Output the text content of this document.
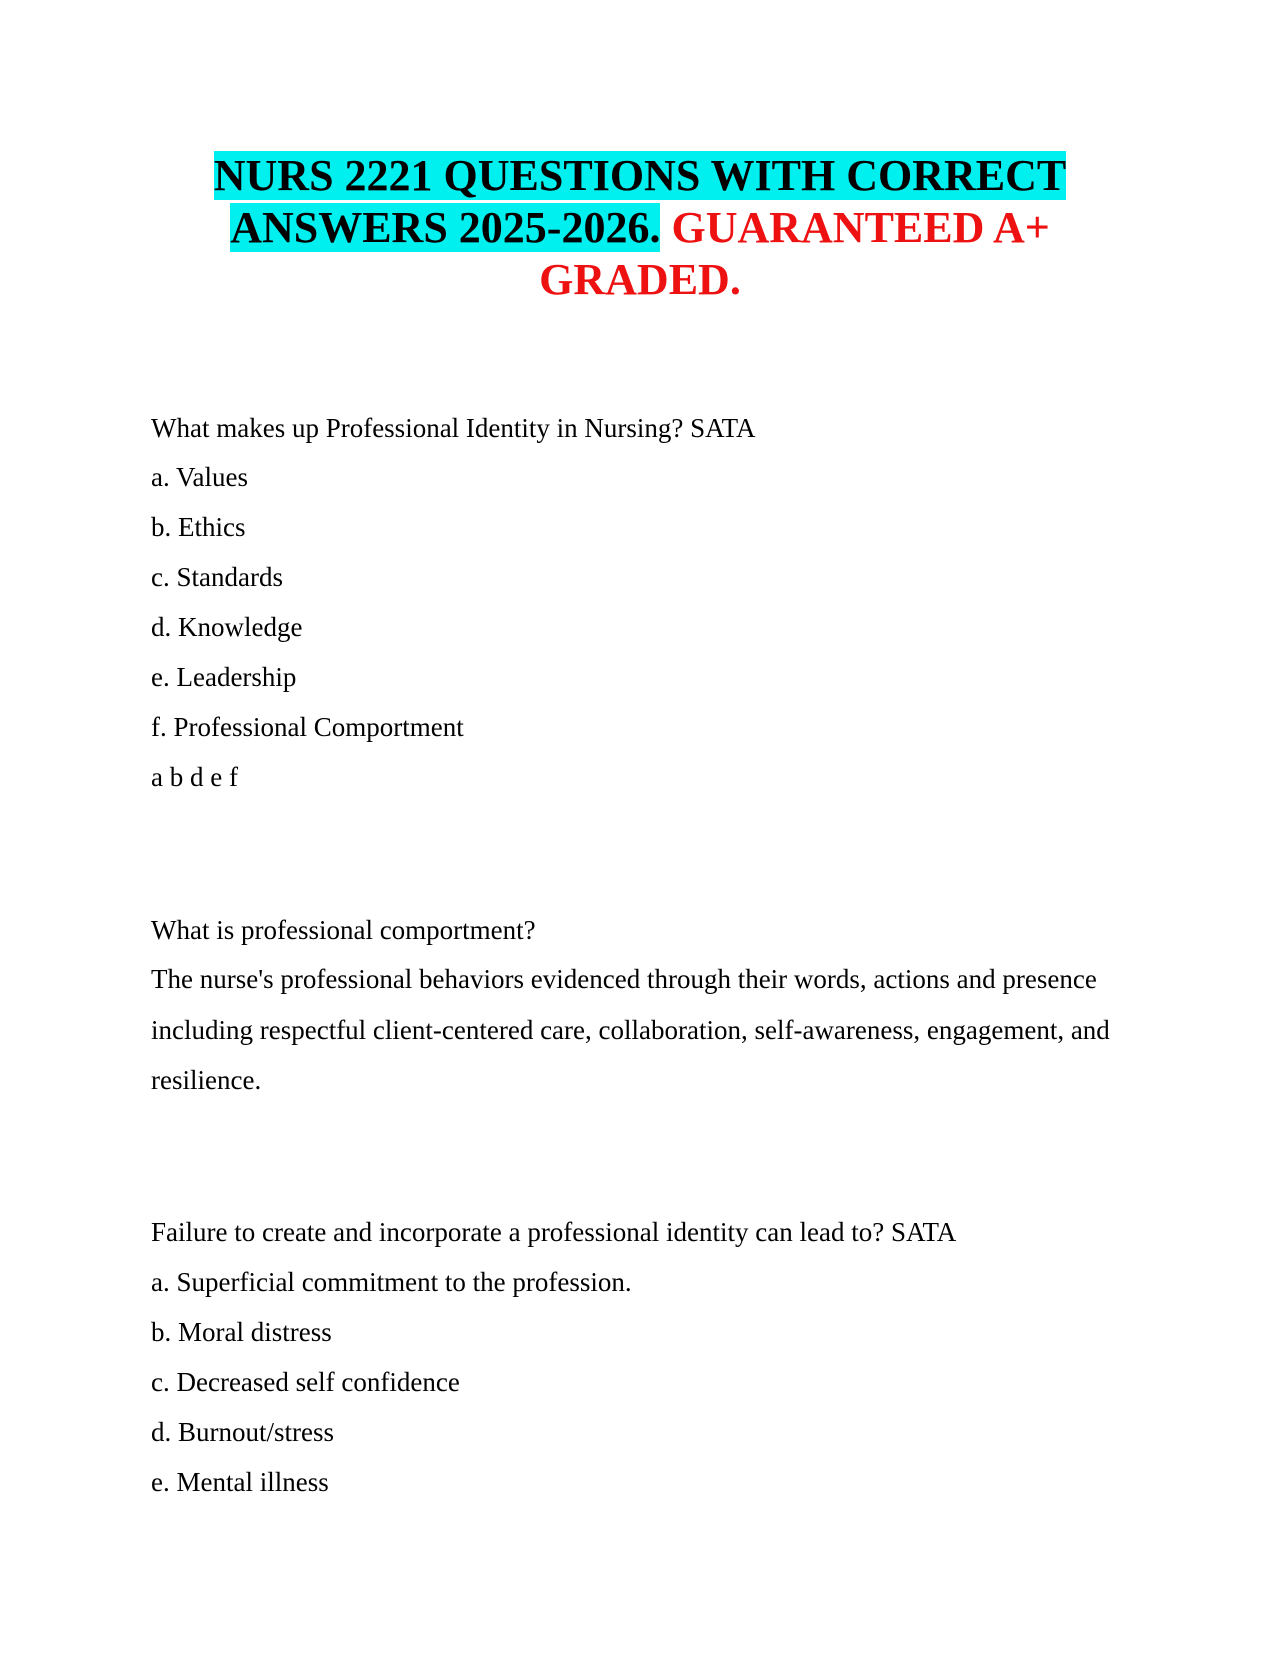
NURS 2221 QUESTIONS WITH CORRECT
ANSWERS 2025-2026. GUARANTEED A+
GRADED.

What makes up Professional Identity in Nursing? SATA

a. Values

b. Ethics

c. Standards

d. Knowledge

e. Leadership

f. Professional Comportment

a b d e f

What is professional comportment?

The nurse's professional behaviors evidenced through their words, actions and presence including respectful client-centered care, collaboration, self-awareness, engagement, and resilience.

Failure to create and incorporate a professional identity can lead to? SATA

a. Superficial commitment to the profession.

b. Moral distress

c. Decreased self confidence

d. Burnout/stress

e. Mental illness
